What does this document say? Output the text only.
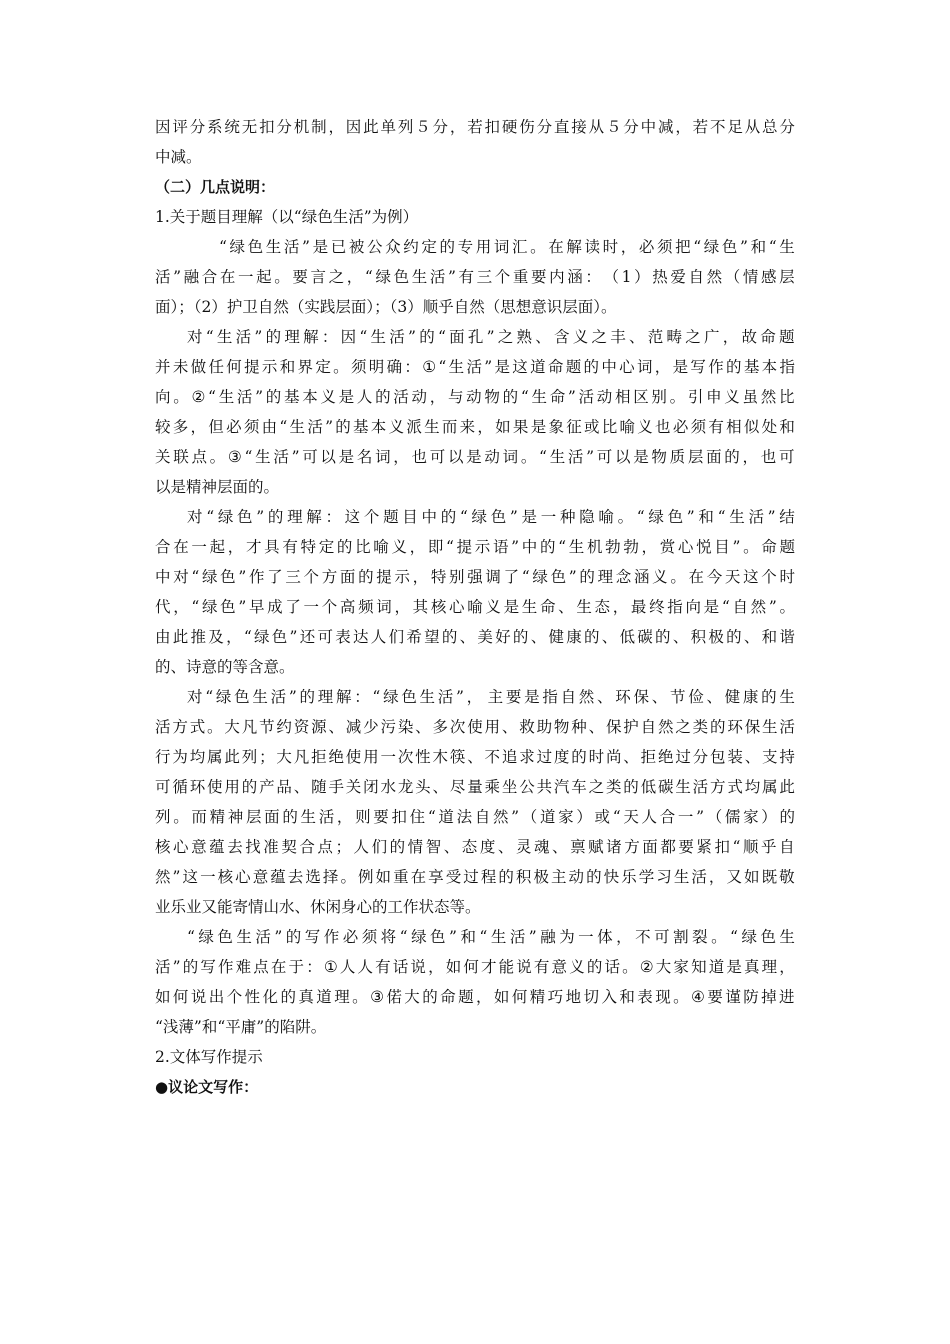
因 评 分 系 统 无 扣 分 机 制 ， 因 此 单 列 ５ 分 ， 若 扣 硬 伤 分 直 接 从 ５ 分 中 减 ， 若 不 足 从 总 分
中减。
（二）几点说明：
1.关于题目理解（以“绿色生活”为例）
“ 绿 色 生 活 ” 是 已 被 公 众 约 定 的 专 用 词 汇 。 在 解 读 时 ， 必 须 把 “ 绿 色 ” 和 “ 生
活 ” 融 合 在 一 起 。 要 言 之 ， “ 绿 色 生 活 ” 有 三 个 重 要 内 涵 ： （ 1 ） 热 爱 自 然 （ 情 感 层
面）；（2）护卫自然（实践层面）；（3）顺乎自然（思想意识层面）。
对 “ 生 活 ” 的 理 解 ： 因 “ 生 活 ” 的 “ 面 孔 ” 之 熟 、 含 义 之 丰 、 范 畴 之 广 ， 故 命 题
并 未 做 任 何 提 示 和 界 定 。 须 明 确 ： ① “ 生 活 ” 是 这 道 命 题 的 中 心 词 ， 是 写 作 的 基 本 指
向 。 ② “ 生 活 ” 的 基 本 义 是 人 的 活 动 ， 与 动 物 的 “ 生 命 ” 活 动 相 区 别 。 引 申 义 虽 然 比
较 多 ， 但 必 须 由 “ 生 活 ” 的 基 本 义 派 生 而 来 ， 如 果 是 象 征 或 比 喻 义 也 必 须 有 相 似 处 和
关 联 点 。 ③ “ 生 活 ” 可 以 是 名 词 ， 也 可 以 是 动 词 。 “ 生 活 ” 可 以 是 物 质 层 面 的 ， 也 可
以是精神层面的。
对 “ 绿 色 ” 的 理 解 ： 这 个 题 目 中 的 “ 绿 色 ” 是 一 种 隐 喻 。 “ 绿 色 ” 和 “ 生 活 ” 结
合 在 一 起 ， 才 具 有 特 定 的 比 喻 义 ， 即 “ 提 示 语 ” 中 的 “ 生 机 勃 勃 ， 赏 心 悦 目 ” 。 命 题
中 对 “ 绿 色 ” 作 了 三 个 方 面 的 提 示 ， 特 别 强 调 了 “ 绿 色 ” 的 理 念 涵 义 。 在 今 天 这 个 时
代 ， “ 绿 色 ” 早 成 了 一 个 高 频 词 ， 其 核 心 喻 义 是 生 命 、 生 态 ， 最 终 指 向 是 “ 自 然 ” 。
由 此 推 及 ， “ 绿 色 ” 还 可 表 达 人 们 希 望 的 、 美 好 的 、 健 康 的 、 低 碳 的 、 积 极 的 、 和 谐
的、诗意的等含意。
对 “ 绿 色 生 活 ” 的 理 解 ： “ 绿 色 生 活 ” ， 主 要 是 指 自 然 、 环 保 、 节 俭 、 健 康 的 生
活 方 式 。 大 凡 节 约 资 源 、 减 少 污 染 、 多 次 使 用 、 救 助 物 种 、 保 护 自 然 之 类 的 环 保 生 活
行 为 均 属 此 列 ； 大 凡 拒 绝 使 用 一 次 性 木 筷 、 不 追 求 过 度 的 时 尚 、 拒 绝 过 分 包 装 、 支 持
可 循 环 使 用 的 产 品 、 随 手 关 闭 水 龙 头 、 尽 量 乘 坐 公 共 汽 车 之 类 的 低 碳 生 活 方 式 均 属 此
列 。 而 精 神 层 面 的 生 活 ， 则 要 扣 住 “ 道 法 自 然 ” （ 道 家 ） 或 “ 天 人 合 一 ” （ 儒 家 ） 的
核 心 意 蕴 去 找 准 契 合 点 ； 人 们 的 情 智 、 态 度 、 灵 魂 、 禀 赋 诸 方 面 都 要 紧 扣 “ 顺 乎 自
然 ” 这 一 核 心 意 蕴 去 选 择 。 例 如 重 在 享 受 过 程 的 积 极 主 动 的 快 乐 学 习 生 活 ， 又 如 既 敬
业乐业又能寄情山水、休闲身心的工作状态等。
“ 绿 色 生 活 ” 的 写 作 必 须 将 “ 绿 色 ” 和 “ 生 活 ” 融 为 一 体 ， 不 可 割 裂 。 “ 绿 色 生
活 ” 的 写 作 难 点 在 于 ： ① 人 人 有 话 说 ， 如 何 才 能 说 有 意 义 的 话 。 ② 大 家 知 道 是 真 理 ，
如 何 说 出 个 性 化 的 真 道 理 。 ③ 偌 大 的 命 题 ， 如 何 精 巧 地 切 入 和 表 现 。 ④ 要 谨 防 掉 进
“浅薄”和“平庸”的陷阱。
2.文体写作提示
●议论文写作：
